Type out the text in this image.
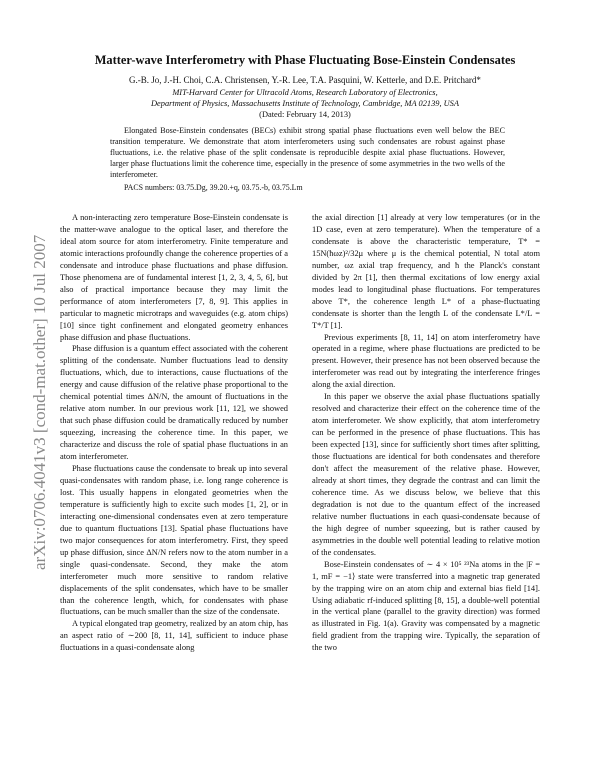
arXiv:0706.4041v3 [cond-mat.other] 10 Jul 2007
Matter-wave Interferometry with Phase Fluctuating Bose-Einstein Condensates
G.-B. Jo, J.-H. Choi, C.A. Christensen, Y.-R. Lee, T.A. Pasquini, W. Ketterle, and D.E. Pritchard*
MIT-Harvard Center for Ultracold Atoms, Research Laboratory of Electronics,
Department of Physics, Massachusetts Institute of Technology, Cambridge, MA 02139, USA
(Dated: February 14, 2013)

Elongated Bose-Einstein condensates (BECs) exhibit strong spatial phase fluctuations even well below the BEC transition temperature. We demonstrate that atom interferometers using such condensates are robust against phase fluctuations, i.e. the relative phase of the split condensate is reproducible despite axial phase fluctuations. However, larger phase fluctuations limit the coherence time, especially in the presence of some asymmetries in the two wells of the interferometer.

PACS numbers: 03.75.Dg, 39.20.+q, 03.75.-b, 03.75.Lm

A non-interacting zero temperature Bose-Einstein condensate is the matter-wave analogue to the optical laser, and therefore the ideal atom source for atom interferometry. Finite temperature and atomic interactions profoundly change the coherence properties of a condensate and introduce phase fluctuations and phase diffusion. Those phenomena are of fundamental interest [1, 2, 3, 4, 5, 6], but also of practical importance because they may limit the performance of atom interferometers [7, 8, 9]. This applies in particular to magnetic microtraps and waveguides (e.g. atom chips) [10] since tight confinement and elongated geometry enhances phase diffusion and phase fluctuations.

Phase diffusion is a quantum effect associated with the coherent splitting of the condensate. Number fluctuations lead to density fluctuations, which, due to interactions, cause fluctuations of the energy and cause diffusion of the relative phase proportional to the chemical potential times ΔN/N, the amount of fluctuations in the relative atom number. In our previous work [11, 12], we showed that such phase diffusion could be dramatically reduced by number squeezing, increasing the coherence time. In this paper, we characterize and discuss the role of spatial phase fluctuations in an atom interferometer.

Phase fluctuations cause the condensate to break up into several quasi-condensates with random phase, i.e. long range coherence is lost. This usually happens in elongated geometries when the temperature is sufficiently high to excite such modes [1, 2], or in interacting one-dimensional condensates even at zero temperature due to quantum fluctuations [13]. Spatial phase fluctuations have two major consequences for atom interferometry. First, they speed up phase diffusion, since ΔN/N refers now to the atom number in a single quasi-condensate. Second, they make the atom interferometer much more sensitive to random relative displacements of the split condensates, which have to be smaller than the coherence length, which, for condensates with phase fluctuations, can be much smaller than the size of the condensate.

A typical elongated trap geometry, realized by an atom chip, has an aspect ratio of ∼200 [8, 11, 14], sufficient to induce phase fluctuations in a quasi-condensate along

the axial direction [1] already at very low temperatures (or in the 1D case, even at zero temperature). When the temperature of a condensate is above the characteristic temperature, T* = 15N(ħωz)²/32μ where μ is the chemical potential, N total atom number, ωz axial trap frequency, and ħ the Planck's constant divided by 2π [1], then thermal excitations of low energy axial modes lead to longitudinal phase fluctuations. For temperatures above T*, the coherence length L* of a phase-fluctuating condensate is shorter than the length L of the condensate L*/L = T*/T [1].

Previous experiments [8, 11, 14] on atom interferometry have operated in a regime, where phase fluctuations are predicted to be present. However, their presence has not been observed because the interferometer was read out by integrating the interference fringes along the axial direction.

In this paper we observe the axial phase fluctuations spatially resolved and characterize their effect on the coherence time of the atom interferometer. We show explicitly, that atom interferometry can be performed in the presence of phase fluctuations. This has been expected [13], since for sufficiently short times after splitting, those fluctuations are identical for both condensates and therefore don't affect the measurement of the relative phase. However, already at short times, they degrade the contrast and can limit the coherence time. As we discuss below, we believe that this degradation is not due to the quantum effect of the increased relative number fluctuations in each quasi-condensate because of the high degree of number squeezing, but is rather caused by asymmetries in the double well potential leading to relative motion of the condensates.

Bose-Einstein condensates of ∼ 4 × 10⁵ ²³Na atoms in the |F = 1, mF = −1⟩ state were transferred into a magnetic trap generated by the trapping wire on an atom chip and external bias field [14]. Using adiabatic rf-induced splitting [8, 15], a double-well potential in the vertical plane (parallel to the gravity direction) was formed as illustrated in Fig. 1(a). Gravity was compensated by a magnetic field gradient from the trapping wire. Typically, the separation of the two
